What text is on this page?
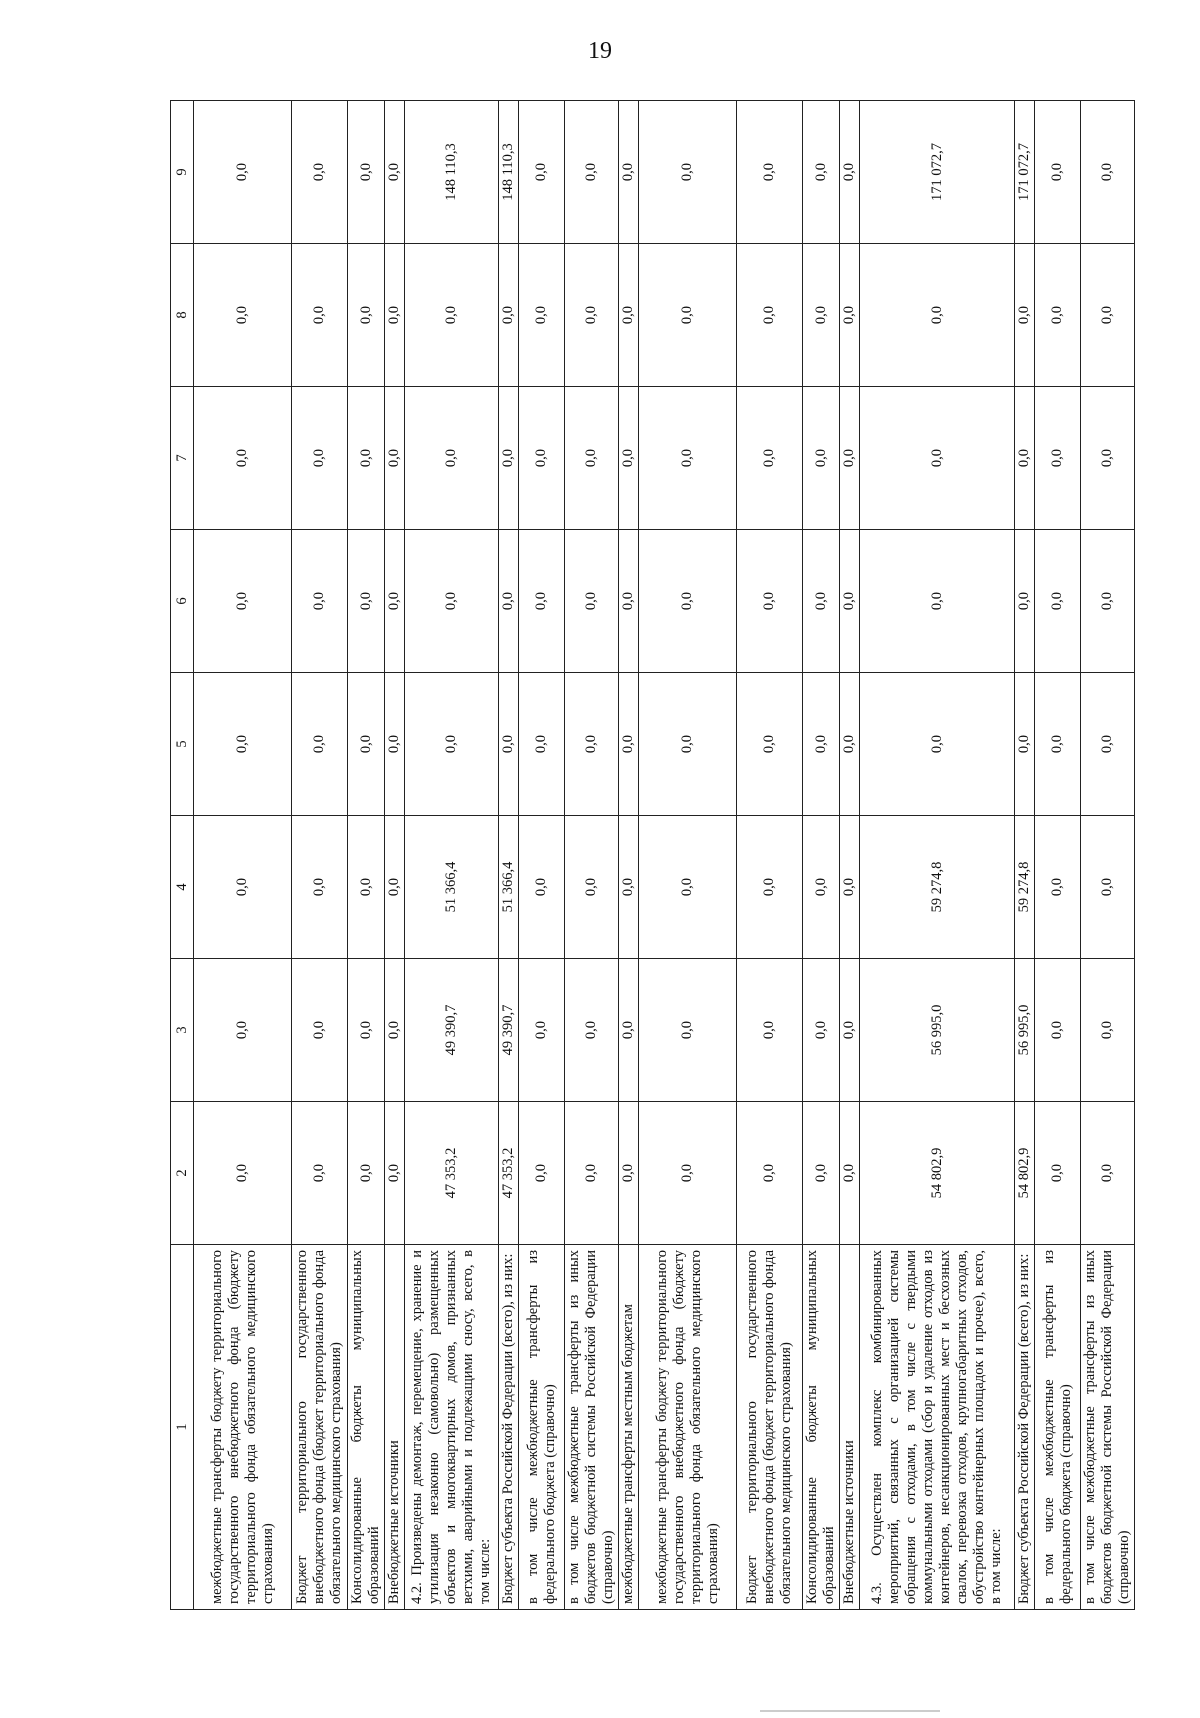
19
1	2	3	4	5	6	7	8	9
межбюджетные трансферты бюджету территориального государственного внебюджетного фонда (бюджету территориального фонда обязательного медицинского страхования)	0,0	0,0	0,0	0,0	0,0	0,0	0,0	0,0
Бюджет территориального государственного внебюджетного фонда (бюджет территориального фонда обязательного медицинского страхования)	0,0	0,0	0,0	0,0	0,0	0,0	0,0	0,0
Консолидированные бюджеты муниципальных образований	0,0	0,0	0,0	0,0	0,0	0,0	0,0	0,0
Внебюджетные источники	0,0	0,0	0,0	0,0	0,0	0,0	0,0	0,0
4.2. Произведены демонтаж, перемещение, хранение и утилизация незаконно (самовольно) размещенных объектов и многоквартирных домов, признанных ветхими, аварийными и подлежащими сносу, всего, в том числе:	47 353,2	49 390,7	51 366,4	0,0	0,0	0,0	0,0	148 110,3
Бюджет субъекта Российской Федерации (всего), из них:	47 353,2	49 390,7	51 366,4	0,0	0,0	0,0	0,0	148 110,3
в том числе межбюджетные трансферты из федерального бюджета (справочно)	0,0	0,0	0,0	0,0	0,0	0,0	0,0	0,0
в том числе межбюджетные трансферты из иных бюджетов бюджетной системы Российской Федерации (справочно)	0,0	0,0	0,0	0,0	0,0	0,0	0,0	0,0
межбюджетные трансферты местным бюджетам	0,0	0,0	0,0	0,0	0,0	0,0	0,0	0,0
межбюджетные трансферты бюджету территориального государственного внебюджетного фонда (бюджету территориального фонда обязательного медицинского страхования)	0,0	0,0	0,0	0,0	0,0	0,0	0,0	0,0
Бюджет территориального государственного внебюджетного фонда (бюджет территориального фонда обязательного медицинского страхования)	0,0	0,0	0,0	0,0	0,0	0,0	0,0	0,0
Консолидированные бюджеты муниципальных образований	0,0	0,0	0,0	0,0	0,0	0,0	0,0	0,0
Внебюджетные источники	0,0	0,0	0,0	0,0	0,0	0,0	0,0	0,0
4.3. Осуществлен комплекс комбинированных мероприятий, связанных с организацией системы обращения с отходами, в том числе с твердыми коммунальными отходами (сбор и удаление отходов из контейнеров, несанкционированных мест и бесхозных свалок, перевозка отходов, крупногабаритных отходов, обустройство контейнерных площадок и прочее), всего, в том числе:	54 802,9	56 995,0	59 274,8	0,0	0,0	0,0	0,0	171 072,7
Бюджет субъекта Российской Федерации (всего), из них:	54 802,9	56 995,0	59 274,8	0,0	0,0	0,0	0,0	171 072,7
в том числе межбюджетные трансферты из федерального бюджета (справочно)	0,0	0,0	0,0	0,0	0,0	0,0	0,0	0,0
в том числе межбюджетные трансферты из иных бюджетов бюджетной системы Российской Федерации (справочно)	0,0	0,0	0,0	0,0	0,0	0,0	0,0	0,0
